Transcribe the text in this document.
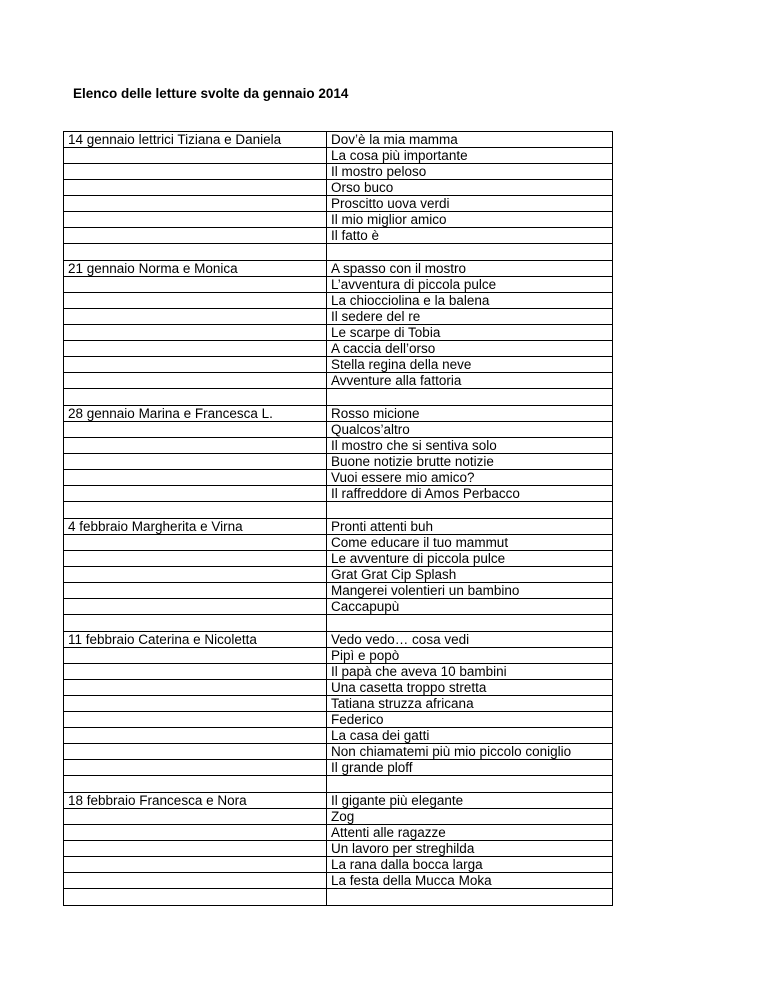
Elenco delle letture svolte da gennaio 2014
14 gennaio lettrici Tiziana e Daniela	Dov’è la mia mamma
	La cosa più importante
	Il mostro peloso
	Orso buco
	Proscitto uova verdi
	Il mio miglior amico
	Il fatto è

21 gennaio Norma e Monica	A spasso con il mostro
	L’avventura di piccola pulce
	La chiocciolina e la balena
	Il sedere del re
	Le scarpe di Tobia
	A caccia dell’orso
	Stella regina della neve
	Avventure alla fattoria

28 gennaio Marina e Francesca L.	Rosso micione
	Qualcos’altro
	Il mostro che si sentiva solo
	Buone notizie brutte notizie
	Vuoi essere mio amico?
	Il raffreddore di Amos Perbacco

4 febbraio Margherita e Virna	Pronti attenti buh
	Come educare il tuo mammut
	Le avventure di piccola pulce
	Grat Grat Cip Splash
	Mangerei volentieri un bambino
	Caccapupù

11 febbraio Caterina e Nicoletta	Vedo vedo… cosa vedi
	Pipì e popò
	Il papà che aveva 10 bambini
	Una casetta troppo stretta
	Tatiana struzza africana
	Federico
	La casa dei gatti
	Non chiamatemi più mio piccolo coniglio
	Il grande ploff

18 febbraio Francesca e Nora	Il gigante più elegante
	Zog
	Attenti alle ragazze
	Un lavoro per streghilda
	La rana dalla bocca larga
	La festa della Mucca Moka
